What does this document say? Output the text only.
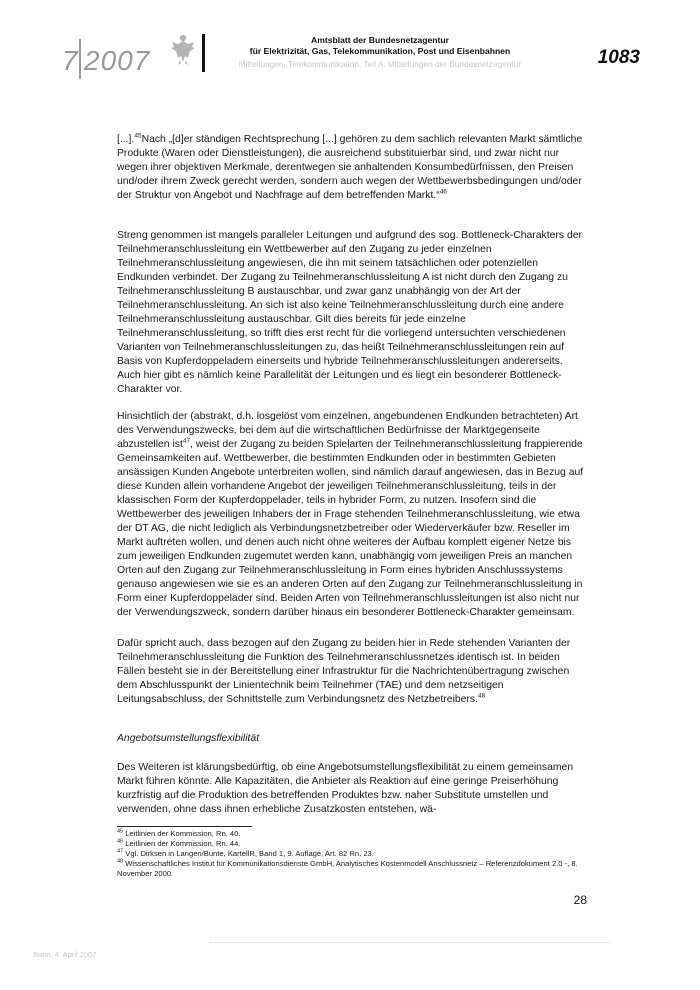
7 2007
Amtsblatt der Bundesnetzagentur
für Elektrizität, Gas, Telekommunikation, Post und Eisenbahnen
Mitteilungen, Telekommunikation, Teil A: Mitteilungen der Bundesnetzagentur	1083

[...].$^{45}$Nach „[d]er ständigen Rechtsprechung [...] gehören zu dem sachlich relevanten Markt sämtliche Produkte (Waren oder Dienstleistungen), die ausreichend substituierbar sind, und zwar nicht nur wegen ihrer objektiven Merkmale, derentwegen sie anhaltenden Konsumbedürfnissen, den Preisen und/oder ihrem Zweck gerecht werden, sondern auch wegen der Wettbewerbsbedingungen und/oder der Struktur von Angebot und Nachfrage auf dem betreffenden Markt.“$^{46}$

Streng genommen ist mangels paralleler Leitungen und aufgrund des sog. Bottleneck-Charakters der Teilnehmeranschlussleitung ein Wettbewerber auf den Zugang zu jeder einzelnen Teilnehmeranschlussleitung angewiesen, die ihn mit seinem tatsächlichen oder potenziellen Endkunden verbindet. Der Zugang zu Teilnehmeranschlussleitung A ist nicht durch den Zugang zu Teilnehmeranschlussleitung B austauschbar, und zwar ganz unabhängig von der Art der Teilnehmeranschlussleitung. An sich ist also keine Teilnehmeranschlussleitung durch eine andere Teilnehmeranschlussleitung austauschbar. Gilt dies bereits für jede einzelne Teilnehmeranschlussleitung, so trifft dies erst recht für die vorliegend untersuchten verschiedenen Varianten von Teilnehmeranschlussleitungen zu, das heißt Teilnehmeranschlussleitungen rein auf Basis von Kupferdoppeladern einerseits und hybride Teilnehmeranschlussleitungen andererseits. Auch hier gibt es nämlich keine Parallelität der Leitungen und es liegt ein besonderer Bottleneck-Charakter vor.

Hinsichtlich der (abstrakt, d.h. losgelöst vom einzelnen, angebundenen Endkunden betrachteten) Art des Verwendungszwecks, bei dem auf die wirtschaftlichen Bedürfnisse der Marktgegenseite abzustellen ist$^{47}$, weist der Zugang zu beiden Spielarten der Teilnehmeranschlussleitung frappierende Gemeinsamkeiten auf. Wettbewerber, die bestimmten Endkunden oder in bestimmten Gebieten ansässigen Kunden Angebote unterbreiten wollen, sind nämlich darauf angewiesen, das in Bezug auf diese Kunden allein vorhandene Angebot der jeweiligen Teilnehmeranschlussleitung, teils in der klassischen Form der Kupferdoppelader, teils in hybrider Form, zu nutzen. Insofern sind die Wettbewerber des jeweiligen Inhabers der in Frage stehenden Teilnehmeranschlussleitung, wie etwa der DT AG, die nicht lediglich als Verbindungsnetzbetreiber oder Wiederverkäufer bzw. Reseller im Markt auftreten wollen, und denen auch nicht ohne weiteres der Aufbau komplett eigener Netze bis zum jeweiligen Endkunden zugemutet werden kann, unabhängig vom jeweiligen Preis an manchen Orten auf den Zugang zur Teilnehmeranschlussleitung in Form eines hybriden Anschlusssystems genauso angewiesen wie sie es an anderen Orten auf den Zugang zur Teilnehmeranschlussleitung in Form einer Kupferdoppelader sind. Beiden Arten von Teilnehmeranschlussleitungen ist also nicht nur der Verwendungszweck, sondern darüber hinaus ein besonderer Bottleneck-Charakter gemeinsam.

Dafür spricht auch, dass bezogen auf den Zugang zu beiden hier in Rede stehenden Varianten der Teilnehmeranschlussleitung die Funktion des Teilnehmeranschlussnetzes identisch ist. In beiden Fällen besteht sie in der Bereitstellung einer Infrastruktur für die Nachrichtenübertragung zwischen dem Abschlusspunkt der Linientechnik beim Teilnehmer (TAE) und dem netzseitigen Leitungsabschluss, der Schnittstelle zum Verbindungsnetz des Netzbetreibers.$^{48}$

Angebotsumstellungsflexibilität

Des Weiteren ist klärungsbedürftig, ob eine Angebotsumstellungsflexibilität zu einem gemeinsamen Markt führen könnte. Alle Kapazitäten, die Anbieter als Reaktion auf eine geringe Preiserhöhung kurzfristig auf die Produktion des betreffenden Produktes bzw. naher Substitute umstellen und verwenden, ohne dass ihnen erhebliche Zusatzkosten entstehen, wä-

$^{45}$ Leitlinien der Kommission, Rn. 40.

$^{46}$ Leitlinien der Kommission, Rn. 44.

$^{47}$ Vgl. Dirksen in Langen/Bunte, KartellR, Band 1, 9. Auflage, Art. 82 Rn. 23.

$^{48}$ Wissenschaftliches Institut für Kommunikationsdienste GmbH, Analytisches Kostenmodell Anschlussnetz – Referenzdokument 2.0 -, 8. November 2000.

28
Bonn, 4. April 2007
